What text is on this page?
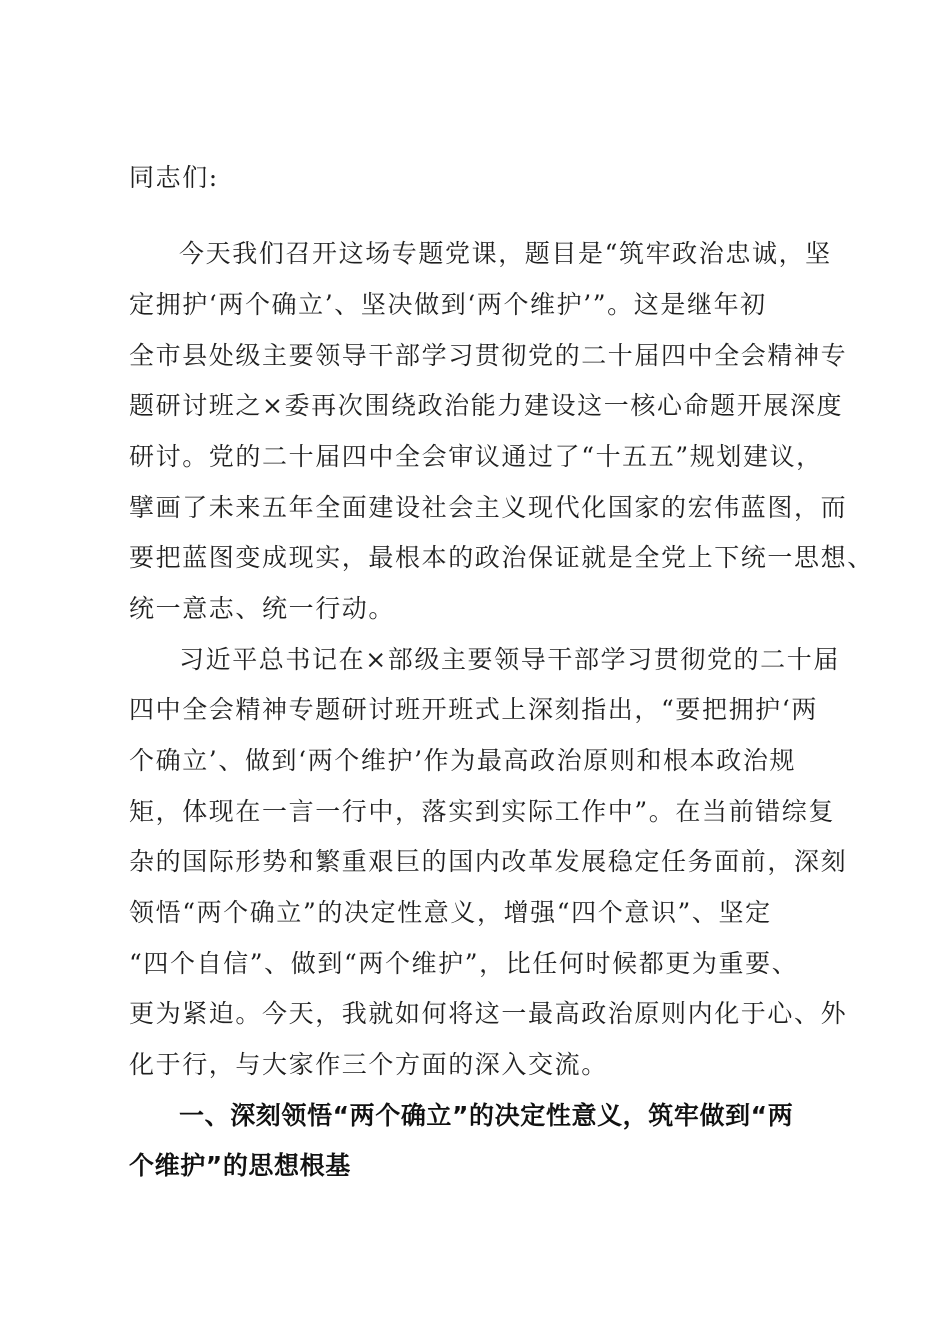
同志们:

今天我们召开这场专题党课，题目是“筑牢政治忠诚，坚

定拥护‘两个确立’、坚决做到‘两个维护’”。这是继年初

全市县处级主要领导干部学习贯彻党的二十届四中全会精神专

题研讨班之×委再次围绕政治能力建设这一核心命题开展深度

研讨。党的二十届四中全会审议通过了“十五五”规划建议，

擘画了未来五年全面建设社会主义现代化国家的宏伟蓝图，而

要把蓝图变成现实，最根本的政治保证就是全党上下统一思想、

统一意志、统一行动。

习近平总书记在×部级主要领导干部学习贯彻党的二十届

四中全会精神专题研讨班开班式上深刻指出，“要把拥护‘两

个确立’、做到‘两个维护’作为最高政治原则和根本政治规

矩，体现在一言一行中，落实到实际工作中”。在当前错综复

杂的国际形势和繁重艰巨的国内改革发展稳定任务面前，深刻

领悟“两个确立”的决定性意义，增强“四个意识”、坚定

“四个自信”、做到“两个维护”，比任何时候都更为重要、

更为紧迫。今天，我就如何将这一最高政治原则内化于心、外

化于行，与大家作三个方面的深入交流。

一、深刻领悟“两个确立”的决定性意义，筑牢做到“两

个维护”的思想根基
